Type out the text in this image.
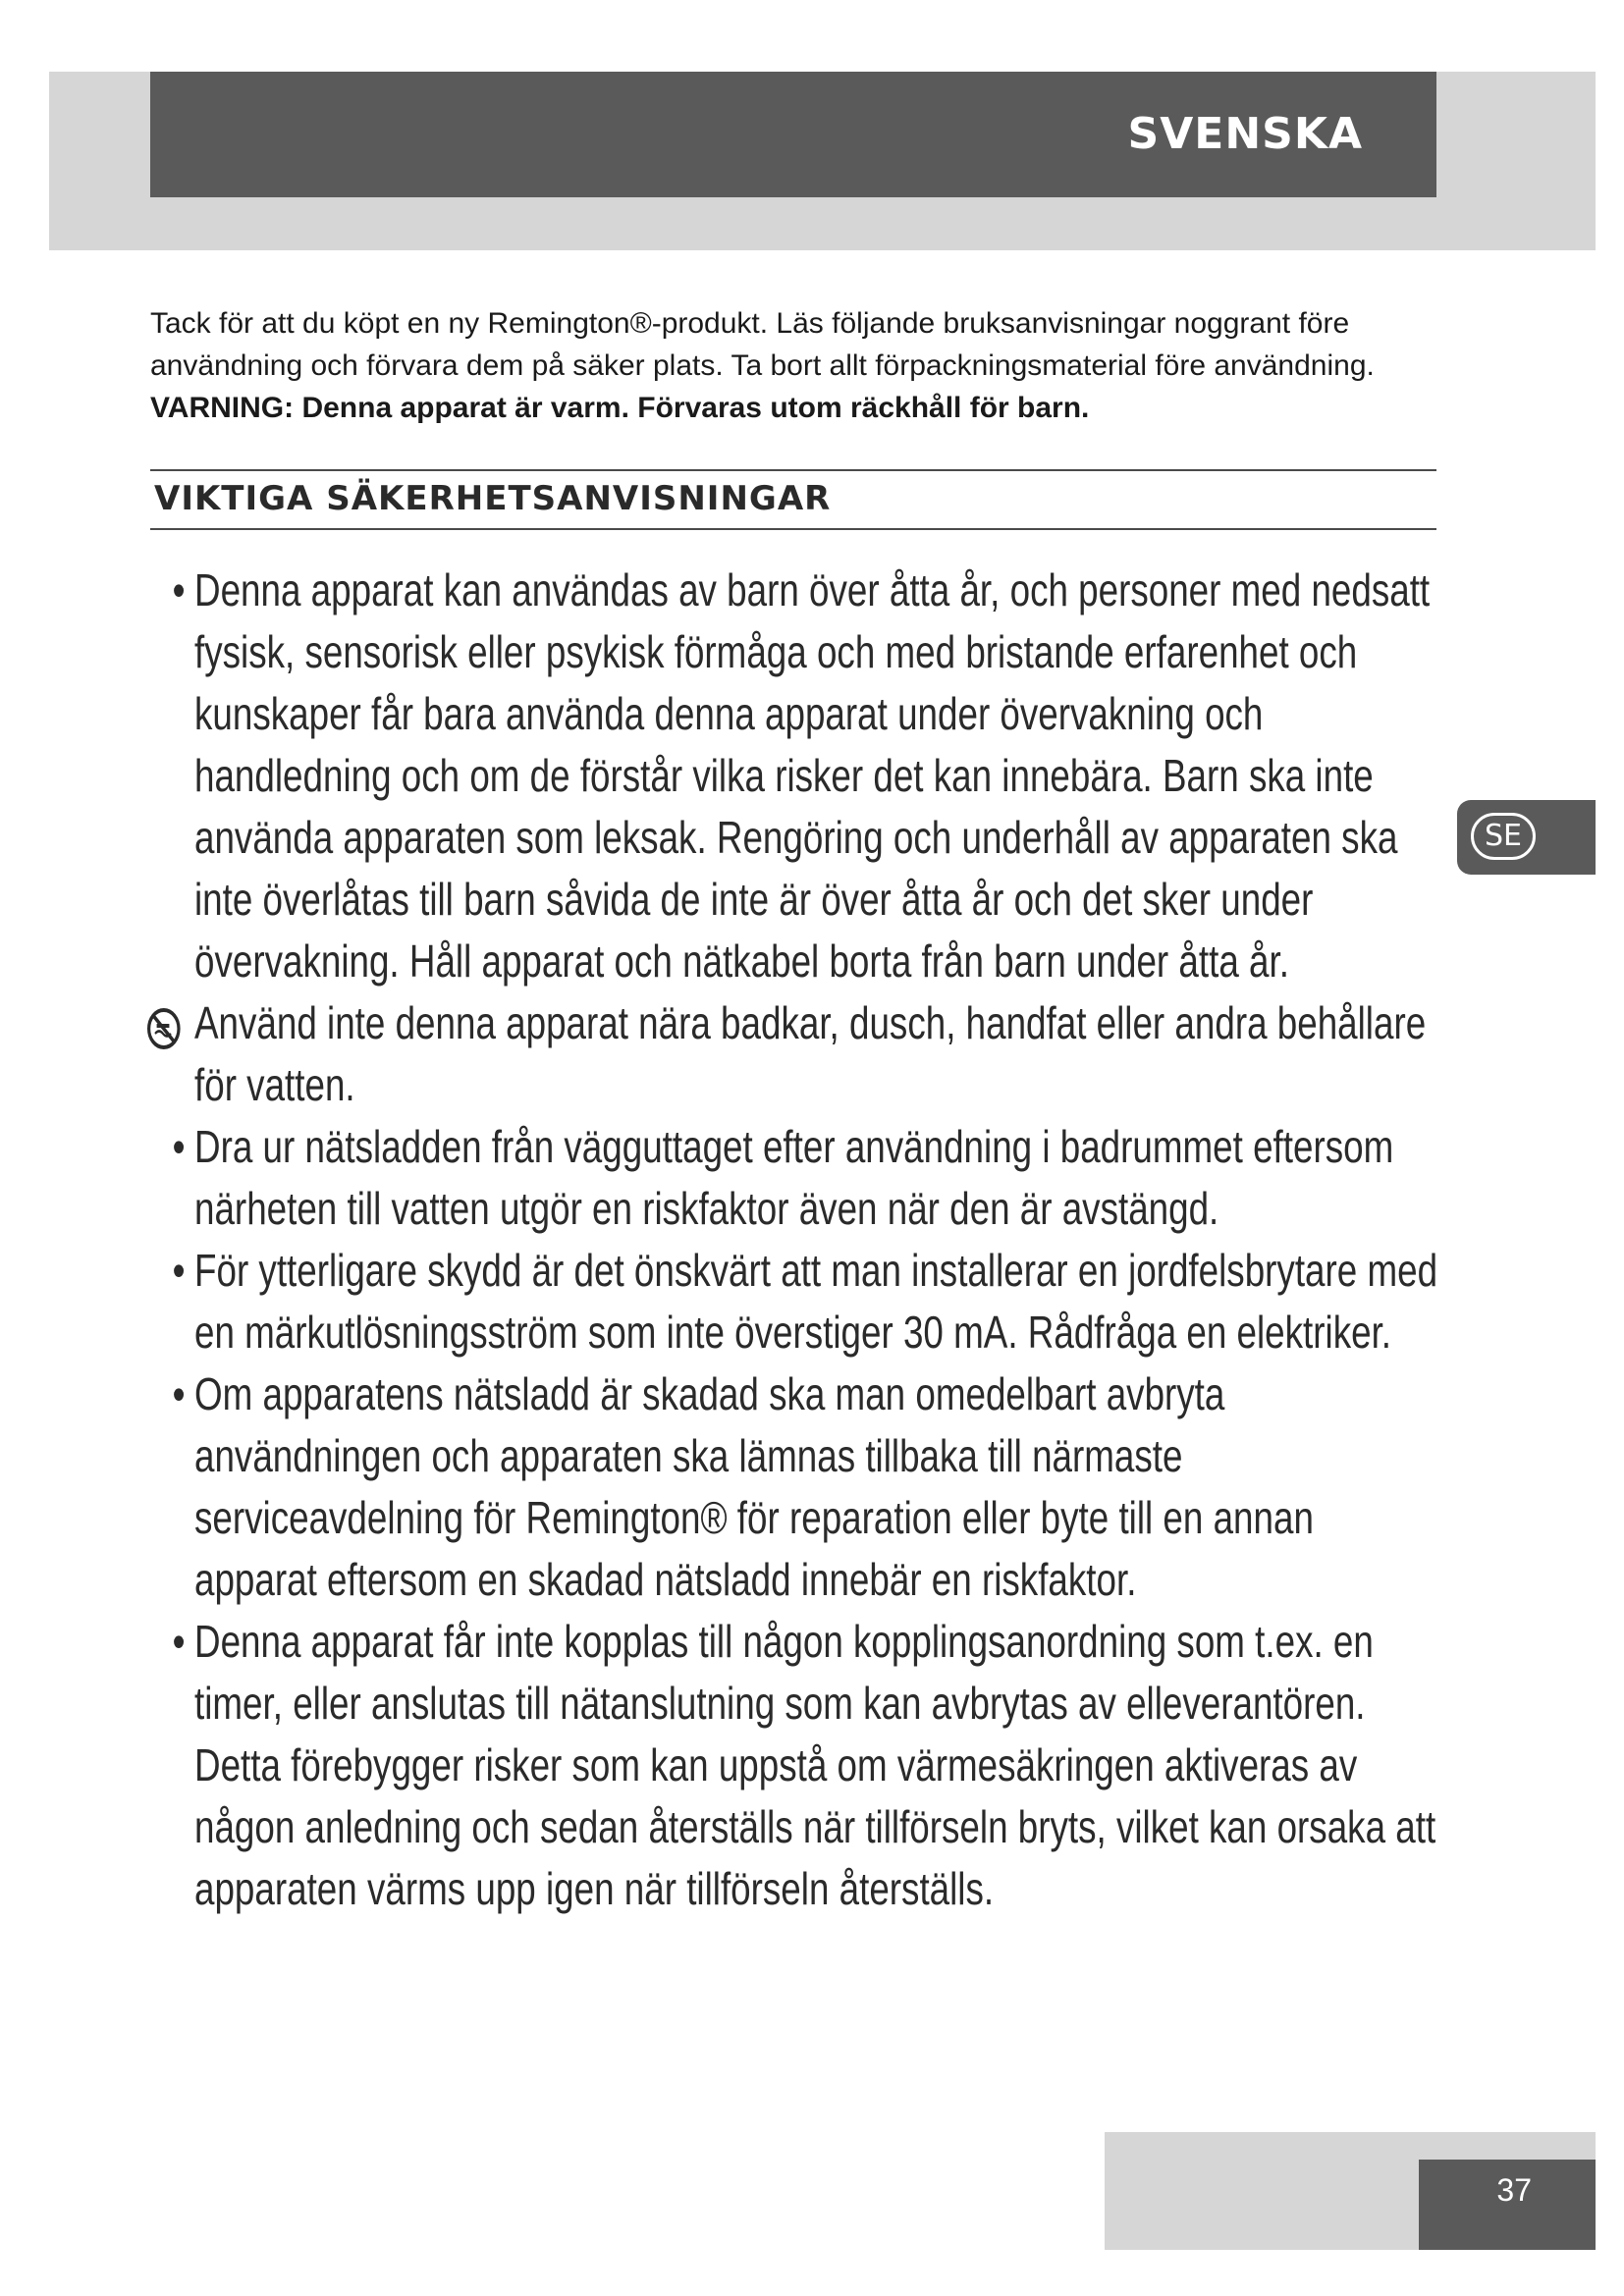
SVENSKA
Tack för att du köpt en ny Remington®-produkt. Läs följande bruksanvisningar noggrant före användning och förvara dem på säker plats. Ta bort allt förpackningsmaterial före användning. VARNING: Denna apparat är varm. Förvaras utom räckhåll för barn.
VIKTIGA SÄKERHETSANVISNINGAR

• Denna apparat kan användas av barn över åtta år, och personer med nedsatt fysisk, sensorisk eller psykisk förmåga och med bristande erfarenhet och kunskaper får bara använda denna apparat under övervakning och handledning och om de förstår vilka risker det kan innebära. Barn ska inte använda apparaten som leksak. Rengöring och underhåll av apparaten ska inte överlåtas till barn såvida de inte är över åtta år och det sker under övervakning. Håll apparat och nätkabel borta från barn under åtta år.

Använd inte denna apparat nära badkar, dusch, handfat eller andra behållare för vatten.

• Dra ur nätsladden från vägguttaget efter användning i badrummet eftersom närheten till vatten utgör en riskfaktor även när den är avstängd.

• För ytterligare skydd är det önskvärt att man installerar en jordfelsbrytare med en märkutlösningsström som inte överstiger 30 mA. Rådfråga en elektriker.

• Om apparatens nätsladd är skadad ska man omedelbart avbryta användningen och apparaten ska lämnas tillbaka till närmaste serviceavdelning för Remington® för reparation eller byte till en annan apparat eftersom en skadad nätsladd innebär en riskfaktor.

• Denna apparat får inte kopplas till någon kopplingsanordning som t.ex. en timer, eller anslutas till nätanslutning som kan avbrytas av elleverantören. Detta förebygger risker som kan uppstå om värmesäkringen aktiveras av någon anledning och sedan återställs när tillförseln bryts, vilket kan orsaka att apparaten värms upp igen när tillförseln återställs.

SE
37
